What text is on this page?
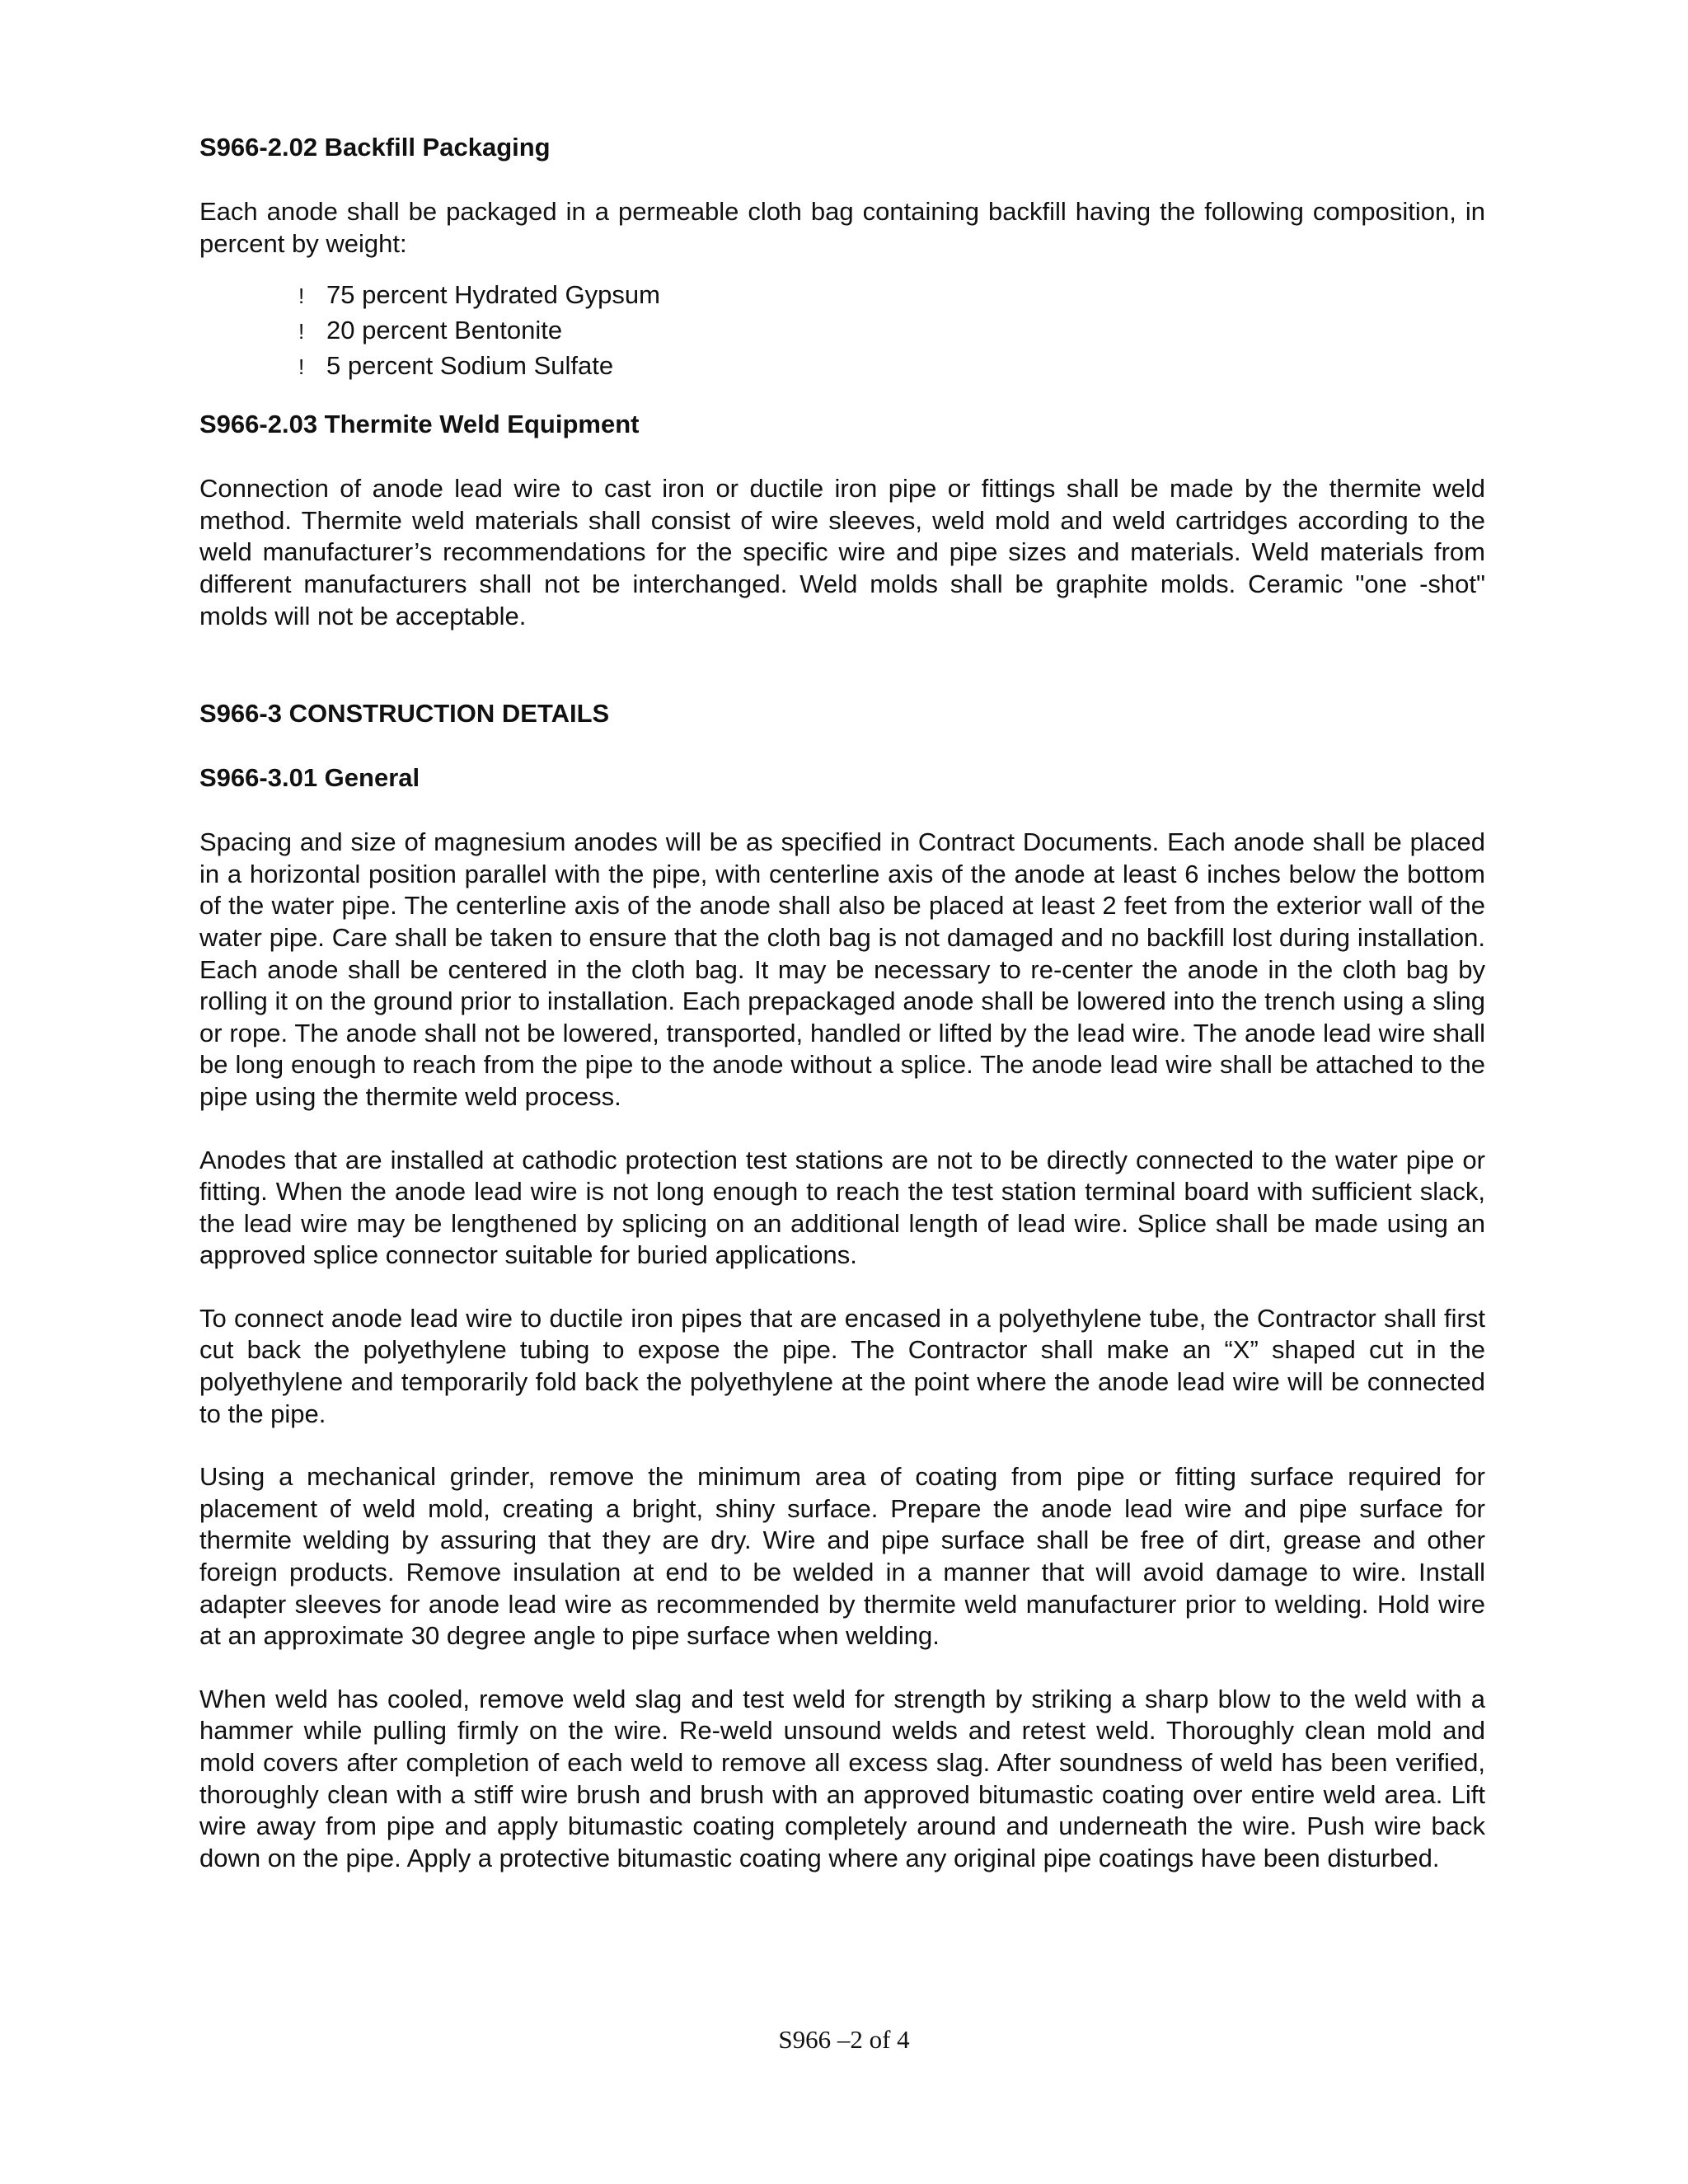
S966-2.02 Backfill Packaging

Each anode shall be packaged in a permeable cloth bag containing backfill having the following composition, in percent by weight:

! 75 percent Hydrated Gypsum
! 20 percent Bentonite
! 5 percent Sodium Sulfate
S966-2.03 Thermite Weld Equipment

Connection of anode lead wire to cast iron or ductile iron pipe or fittings shall be made by the thermite weld method. Thermite weld materials shall consist of wire sleeves, weld mold and weld cartridges according to the weld manufacturer’s recommendations for the specific wire and pipe sizes and materials. Weld materials from different manufacturers shall not be interchanged. Weld molds shall be graphite molds. Ceramic "one -shot" molds will not be acceptable.

S966-3 CONSTRUCTION DETAILS
S966-3.01 General

Spacing and size of magnesium anodes will be as specified in Contract Documents. Each anode shall be placed in a horizontal position parallel with the pipe, with centerline axis of the anode at least 6 inches below the bottom of the water pipe. The centerline axis of the anode shall also be placed at least 2 feet from the exterior wall of the water pipe. Care shall be taken to ensure that the cloth bag is not damaged and no backfill lost during installation. Each anode shall be centered in the cloth bag. It may be necessary to re-center the anode in the cloth bag by rolling it on the ground prior to installation. Each prepackaged anode shall be lowered into the trench using a sling or rope. The anode shall not be lowered, transported, handled or lifted by the lead wire. The anode lead wire shall be long enough to reach from the pipe to the anode without a splice. The anode lead wire shall be attached to the pipe using the thermite weld process.

Anodes that are installed at cathodic protection test stations are not to be directly connected to the water pipe or fitting. When the anode lead wire is not long enough to reach the test station terminal board with sufficient slack, the lead wire may be lengthened by splicing on an additional length of lead wire. Splice shall be made using an approved splice connector suitable for buried applications.

To connect anode lead wire to ductile iron pipes that are encased in a polyethylene tube, the Contractor shall first cut back the polyethylene tubing to expose the pipe. The Contractor shall make an “X” shaped cut in the polyethylene and temporarily fold back the polyethylene at the point where the anode lead wire will be connected to the pipe.

Using a mechanical grinder, remove the minimum area of coating from pipe or fitting surface required for placement of weld mold, creating a bright, shiny surface. Prepare the anode lead wire and pipe surface for thermite welding by assuring that they are dry. Wire and pipe surface shall be free of dirt, grease and other foreign products. Remove insulation at end to be welded in a manner that will avoid damage to wire. Install adapter sleeves for anode lead wire as recommended by thermite weld manufacturer prior to welding. Hold wire at an approximate 30 degree angle to pipe surface when welding.

When weld has cooled, remove weld slag and test weld for strength by striking a sharp blow to the weld with a hammer while pulling firmly on the wire. Re-weld unsound welds and retest weld. Thoroughly clean mold and mold covers after completion of each weld to remove all excess slag. After soundness of weld has been verified, thoroughly clean with a stiff wire brush and brush with an approved bitumastic coating over entire weld area. Lift wire away from pipe and apply bitumastic coating completely around and underneath the wire. Push wire back down on the pipe. Apply a protective bitumastic coating where any original pipe coatings have been disturbed.

S966 –2 of 4
